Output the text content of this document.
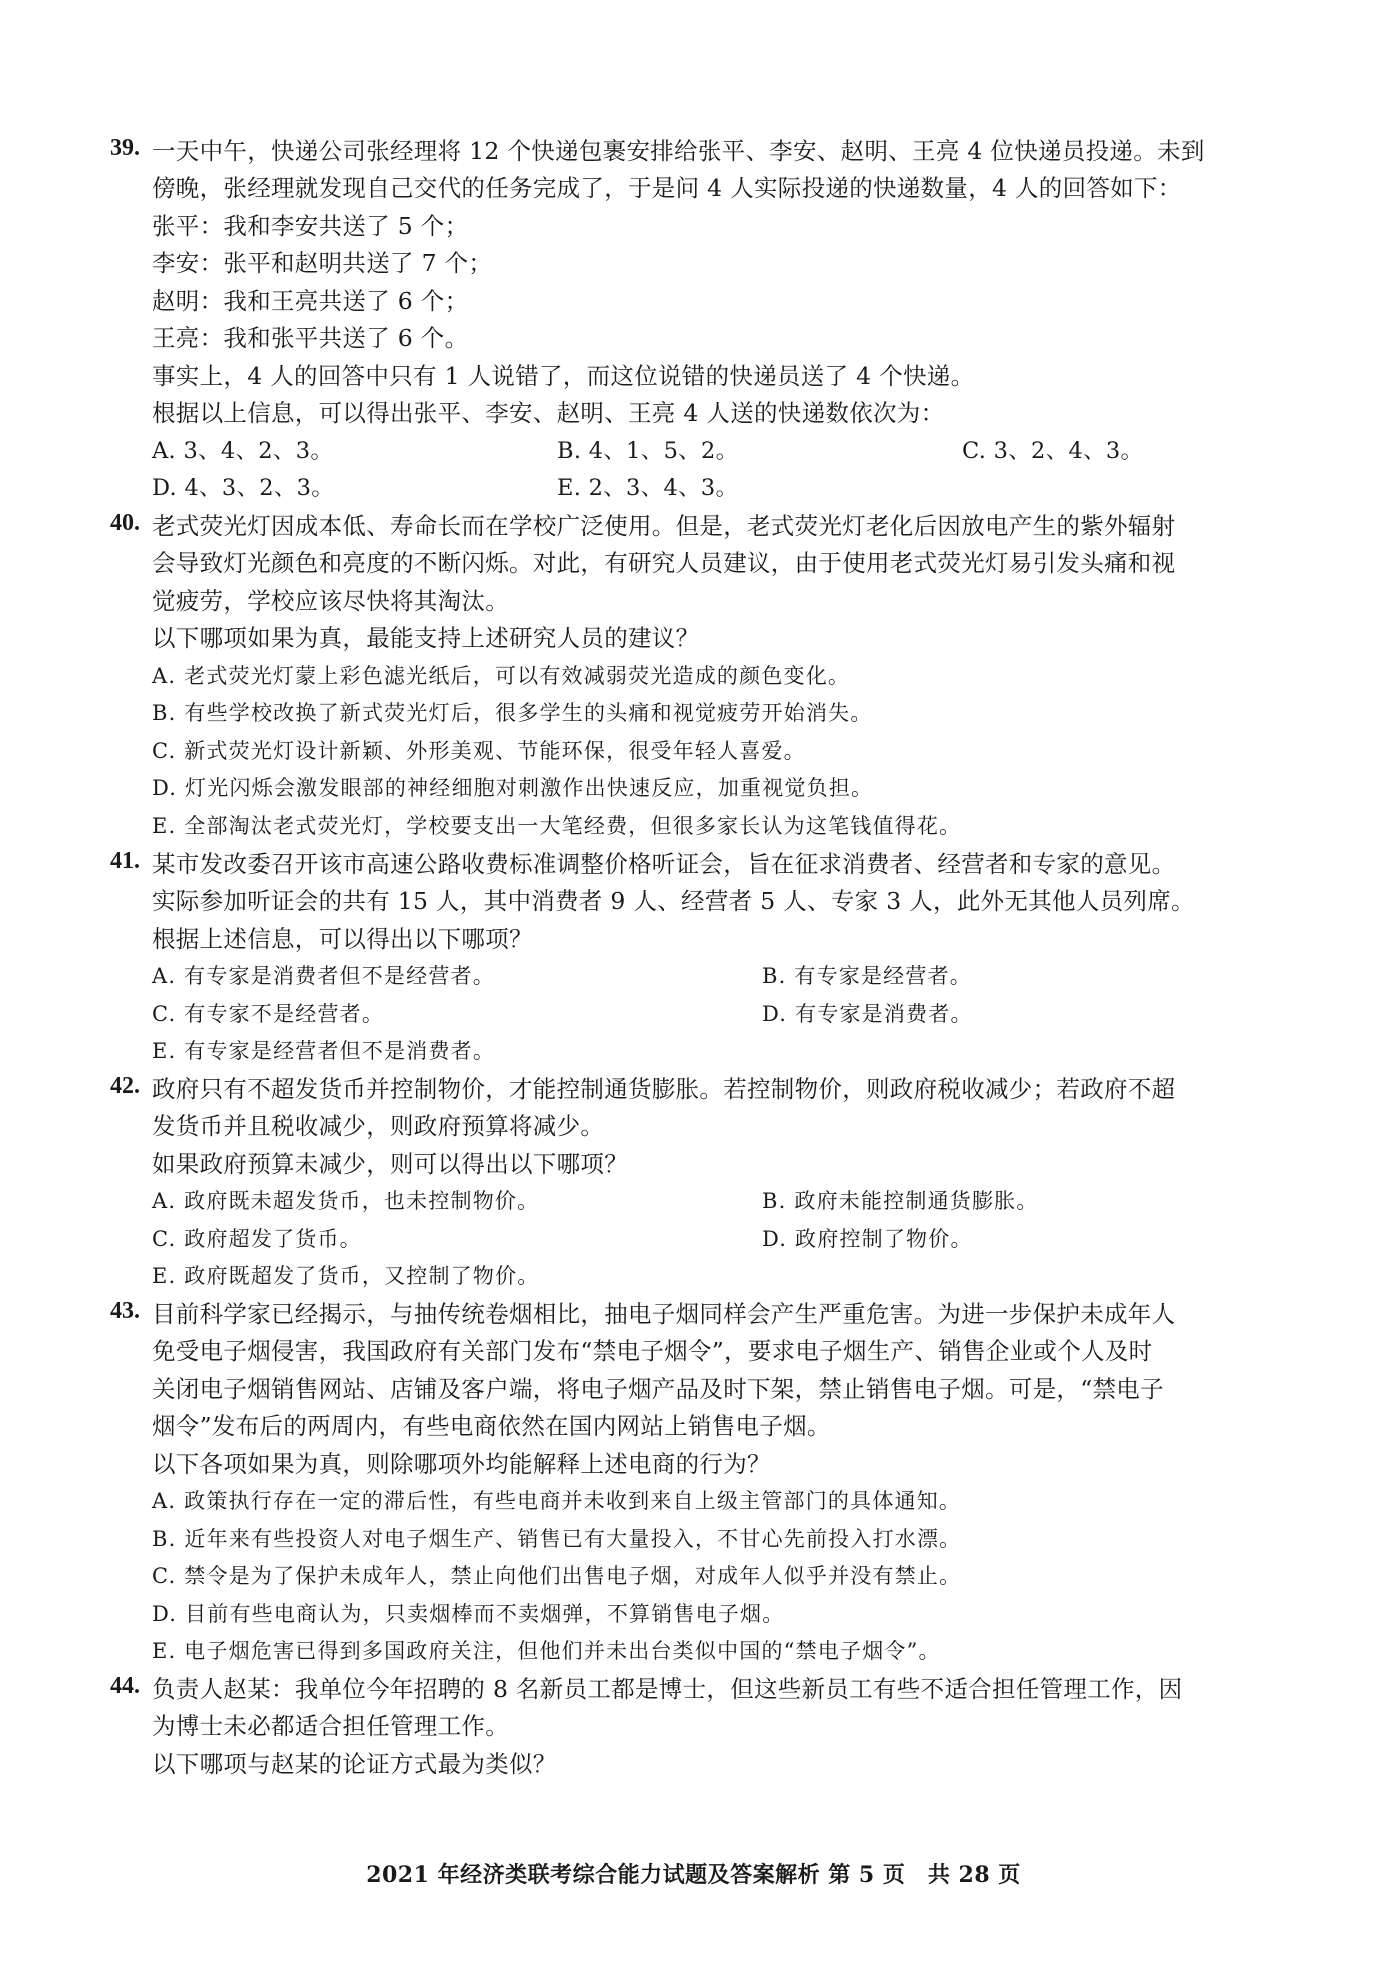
39. 一天中午，快递公司张经理将 12 个快递包裹安排给张平、李安、赵明、王亮 4 位快递员投递。未到
傍晚，张经理就发现自己交代的任务完成了，于是问 4 人实际投递的快递数量，4 人的回答如下：
张平：我和李安共送了 5 个；
李安：张平和赵明共送了 7 个；
赵明：我和王亮共送了 6 个；
王亮：我和张平共送了 6 个。
事实上，4 人的回答中只有 1 人说错了，而这位说错的快递员送了 4 个快递。
根据以上信息，可以得出张平、李安、赵明、王亮 4 人送的快递数依次为：
A. 3、4、2、3。	B. 4、1、5、2。	C. 3、2、4、3。
D. 4、3、2、3。	E. 2、3、4、3。
40. 老式荧光灯因成本低、寿命长而在学校广泛使用。但是，老式荧光灯老化后因放电产生的紫外辐射
会导致灯光颜色和亮度的不断闪烁。对此，有研究人员建议，由于使用老式荧光灯易引发头痛和视
觉疲劳，学校应该尽快将其淘汰。
以下哪项如果为真，最能支持上述研究人员的建议？
A. 老式荧光灯蒙上彩色滤光纸后，可以有效减弱荧光造成的颜色变化。
B. 有些学校改换了新式荧光灯后，很多学生的头痛和视觉疲劳开始消失。
C. 新式荧光灯设计新颖、外形美观、节能环保，很受年轻人喜爱。
D. 灯光闪烁会激发眼部的神经细胞对刺激作出快速反应，加重视觉负担。
E. 全部淘汰老式荧光灯，学校要支出一大笔经费，但很多家长认为这笔钱值得花。
41. 某市发改委召开该市高速公路收费标准调整价格听证会，旨在征求消费者、经营者和专家的意见。
实际参加听证会的共有 15 人，其中消费者 9 人、经营者 5 人、专家 3 人，此外无其他人员列席。
根据上述信息，可以得出以下哪项？
A. 有专家是消费者但不是经营者。	B. 有专家是经营者。
C. 有专家不是经营者。	D. 有专家是消费者。
E. 有专家是经营者但不是消费者。
42. 政府只有不超发货币并控制物价，才能控制通货膨胀。若控制物价，则政府税收减少；若政府不超
发货币并且税收减少，则政府预算将减少。
如果政府预算未减少，则可以得出以下哪项？
A. 政府既未超发货币，也未控制物价。	B. 政府未能控制通货膨胀。
C. 政府超发了货币。	D. 政府控制了物价。
E. 政府既超发了货币，又控制了物价。
43. 目前科学家已经揭示，与抽传统卷烟相比，抽电子烟同样会产生严重危害。为进一步保护未成年人
免受电子烟侵害，我国政府有关部门发布“禁电子烟令”，要求电子烟生产、销售企业或个人及时
关闭电子烟销售网站、店铺及客户端，将电子烟产品及时下架，禁止销售电子烟。可是，“禁电子
烟令”发布后的两周内，有些电商依然在国内网站上销售电子烟。
以下各项如果为真，则除哪项外均能解释上述电商的行为？
A. 政策执行存在一定的滞后性，有些电商并未收到来自上级主管部门的具体通知。
B. 近年来有些投资人对电子烟生产、销售已有大量投入，不甘心先前投入打水漂。
C. 禁令是为了保护未成年人，禁止向他们出售电子烟，对成年人似乎并没有禁止。
D. 目前有些电商认为，只卖烟棒而不卖烟弹，不算销售电子烟。
E. 电子烟危害已得到多国政府关注，但他们并未出台类似中国的“禁电子烟令”。
44. 负责人赵某：我单位今年招聘的 8 名新员工都是博士，但这些新员工有些不适合担任管理工作，因
为博士未必都适合担任管理工作。
以下哪项与赵某的论证方式最为类似？
2021 年经济类联考综合能力试题及答案解析 第 5 页　共 28 页
